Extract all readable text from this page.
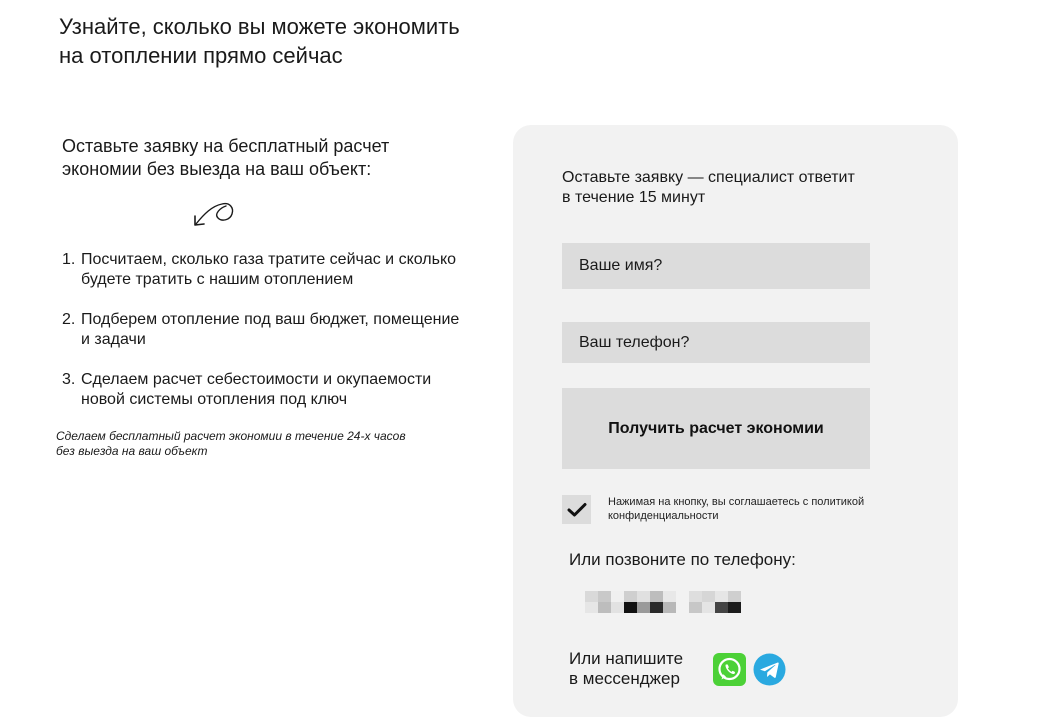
Узнайте, сколько вы можете экономить
на отоплении прямо сейчас

Оставьте заявку на бесплатный расчет
экономии без выезда на ваш объект:

1. Посчитаем, сколько газа тратите сейчас и сколько
будете тратить с нашим отоплением
2. Подберем отопление под ваш бюджет, помещение
и задачи
3. Сделаем расчет себестоимости и окупаемости
новой системы отопления под ключ

Сделаем бесплатный расчет экономии в течение 24-х часов
без выезда на ваш объект

Оставьте заявку — специалист ответит
в течение 15 минут

Ваше имя?
Ваш телефон?
Получить расчет экономии
Нажимая на кнопку, вы соглашаетесь с политикой
конфиденциальности

Или позвоните по телефону:

Или напишите
в мессенджер
